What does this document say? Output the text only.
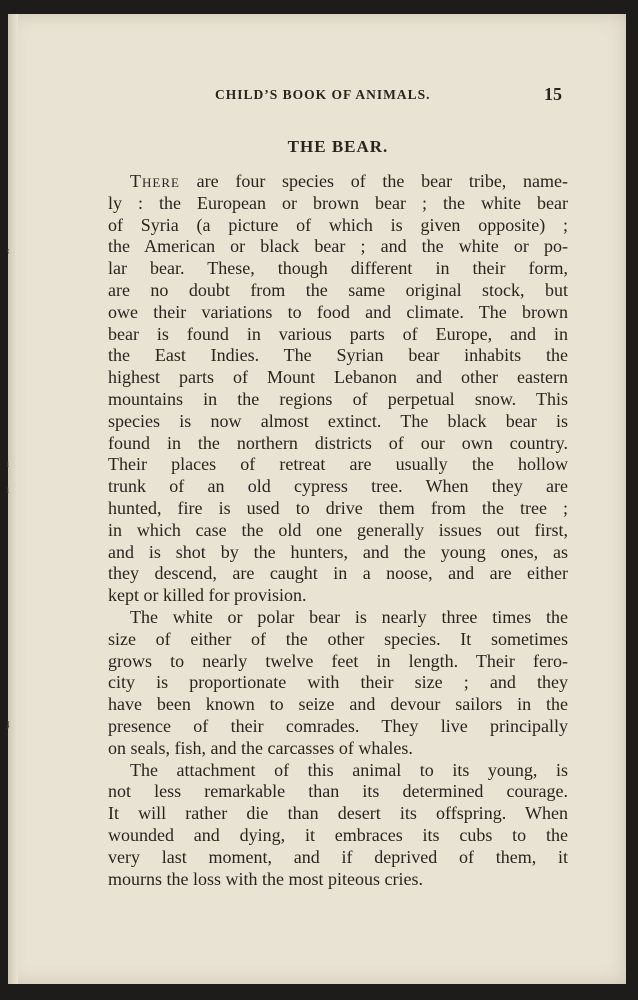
‹
ı
ı
ɟ
CHILD’S BOOK OF ANIMALS.	15
THE BEAR.
There are four species of the bear tribe, name-
ly : the European or brown bear ; the white bear
of Syria (a picture of which is given opposite) ;
the American or black bear ; and the white or po-
lar bear. These, though different in their form,
are no doubt from the same original stock, but
owe their variations to food and climate. The brown
bear is found in various parts of Europe, and in
the East Indies. The Syrian bear inhabits the
highest parts of Mount Lebanon and other eastern
mountains in the regions of perpetual snow. This
species is now almost extinct. The black bear is
found in the northern districts of our own country.
Their places of retreat are usually the hollow
trunk of an old cypress tree. When they are
hunted, fire is used to drive them from the tree ;
in which case the old one generally issues out first,
and is shot by the hunters, and the young ones, as
they descend, are caught in a noose, and are either
kept or killed for provision.
The white or polar bear is nearly three times the
size of either of the other species. It sometimes
grows to nearly twelve feet in length. Their fero-
city is proportionate with their size ; and they
have been known to seize and devour sailors in the
presence of their comrades. They live principally
on seals, fish, and the carcasses of whales.
The attachment of this animal to its young, is
not less remarkable than its determined courage.
It will rather die than desert its offspring. When
wounded and dying, it embraces its cubs to the
very last moment, and if deprived of them, it
mourns the loss with the most piteous cries.
